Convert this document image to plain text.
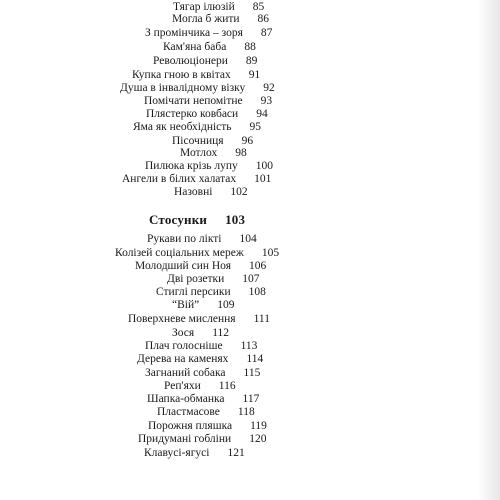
Тягар ілюзій 85
Могла б жити 86
З промінчика – зоря 87
Кам'яна баба 88
Революціонери 89
Купка гною в квітах 91
Душа в інвалідному візку 92
Помічати непомітне 93
Плястерко ковбаси 94
Яма як необхідність 95
Пісочниця 96
Мотлох 98
Пилюка крізь лупу 100
Ангели в білих халатах 101
Назовні 102
Стосунки 103
Рукави по лікті 104
Колізей соціальних мереж 105
Молодший син Ноя 106
Дві розетки 107
Стиглі персики 108
“Вій” 109
Поверхневе мислення 111
Зося 112
Плач голосніше 113
Дерева на каменях 114
Загнаний собака 115
Реп'яхи 116
Шапка-обманка 117
Пластмасове 118
Порожня пляшка 119
Придумані гобліни 120
Клавусі-ягусі 121
